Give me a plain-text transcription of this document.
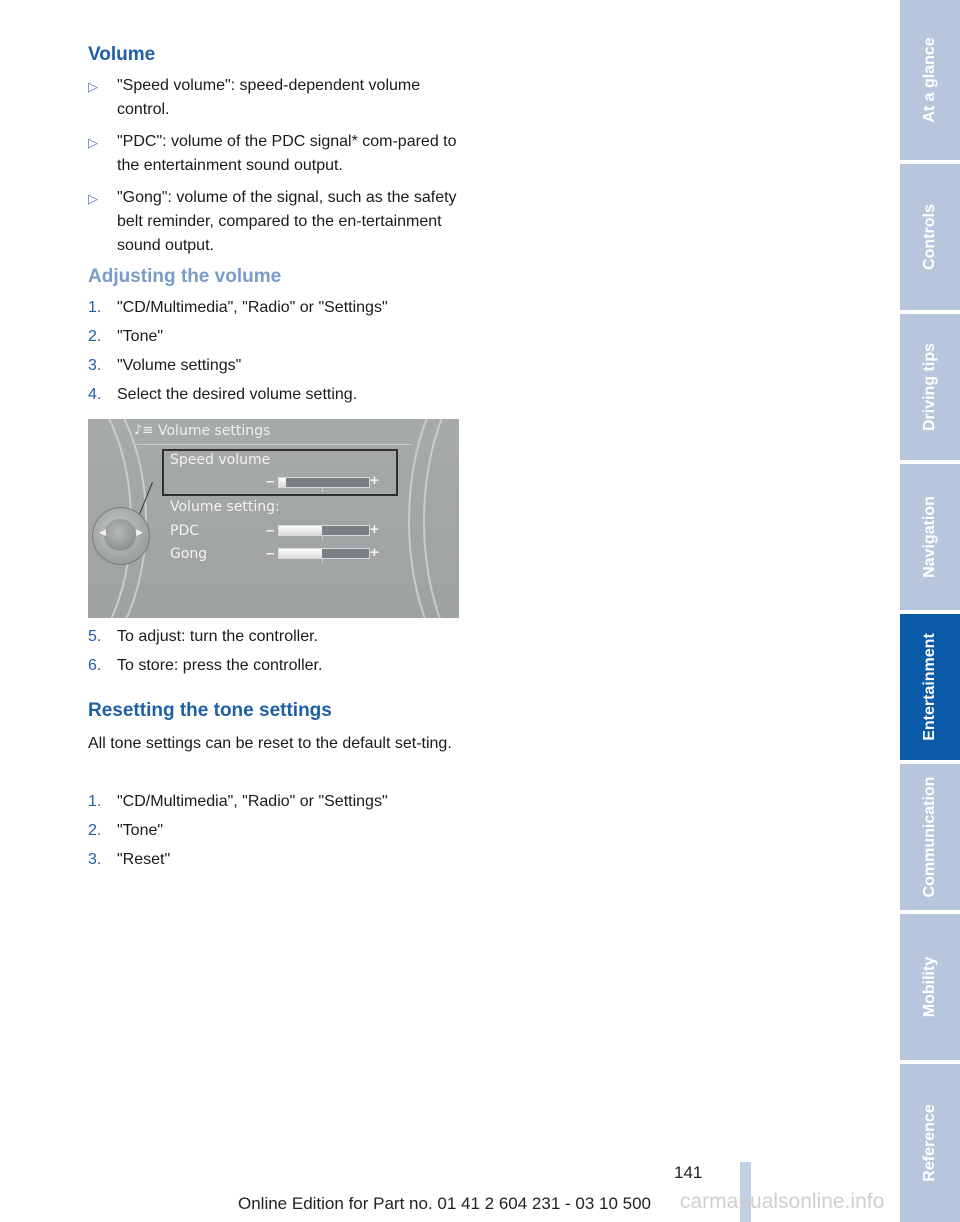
Volume
▷ "Speed volume": speed-dependent volume control.
▷ "PDC": volume of the PDC signal* com-pared to the entertainment sound output.
▷ "Gong": volume of the signal, such as the safety belt reminder, compared to the en-tertainment sound output.
Adjusting the volume
1. "CD/Multimedia", "Radio" or "Settings"
2. "Tone"
3. "Volume settings"
4. Select the desired volume setting.
5. To adjust: turn the controller.
6. To store: press the controller.
Resetting the tone settings

All tone settings can be reset to the default set-ting.

1. "CD/Multimedia", "Radio" or "Settings"
2. "Tone"
3. "Reset"
♪≡ Volume settings
Speed volume
–	+
Volume setting:
PDC	–	+
Gong	–	+
◀	▶
At a glance
Controls
Driving tips
Navigation
Entertainment
Communication
Mobility
Reference
141
Online Edition for Part no. 01 41 2 604 231 - 03 10 500 carmanualsonline.info
